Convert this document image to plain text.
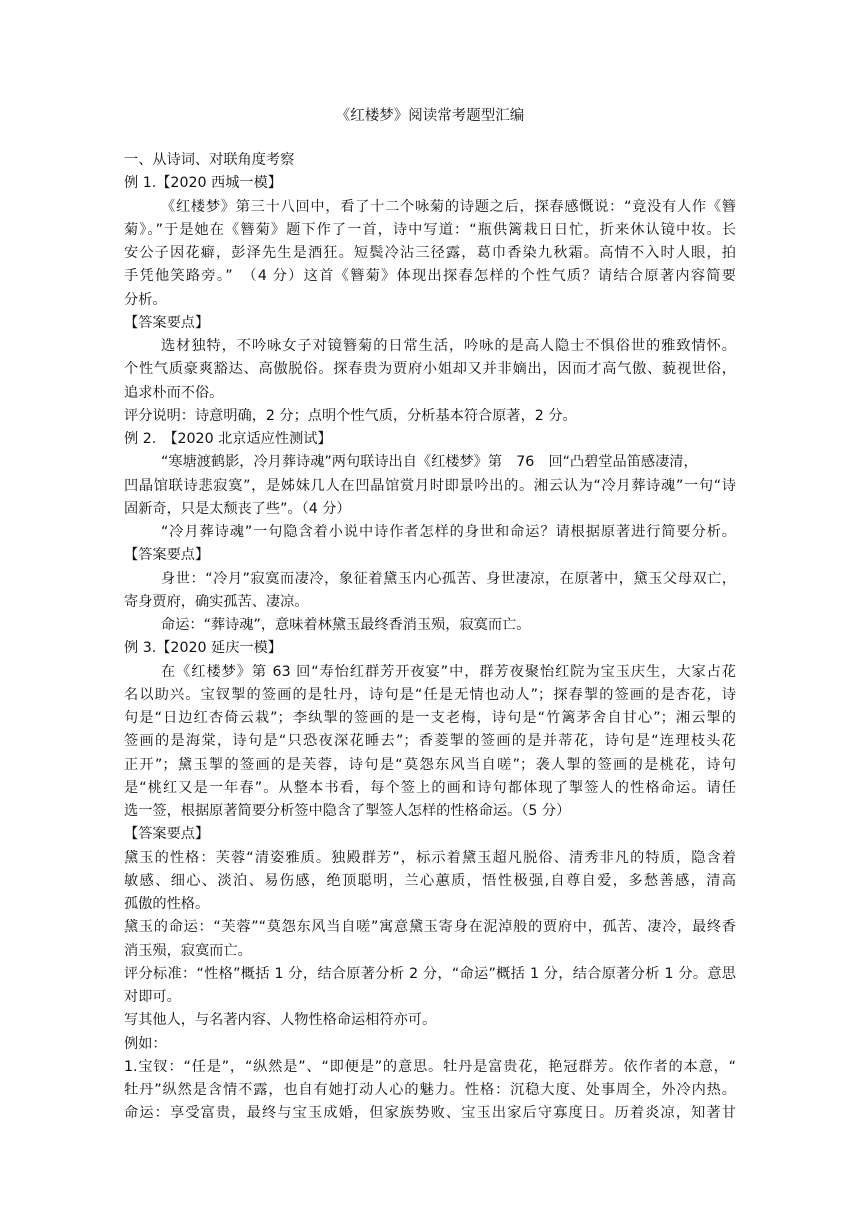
《红楼梦》阅读常考题型汇编
一、从诗词、对联角度考察
例 1.【2020 西城一模】
《红楼梦》第三十八回中，看了十二个咏菊的诗题之后，探春感慨说：“竟没有人作《簪
菊》。”于是她在《簪菊》题下作了一首，诗中写道：“瓶供篱栽日日忙，折来休认镜中妆。长
安公子因花癖，彭泽先生是酒狂。短鬓冷沾三径露，葛巾香染九秋霜。高情不入时人眼，拍
手凭他笑路旁。”　（4 分）这首《簪菊》体现出探春怎样的个性气质？请结合原著内容简要
分析。
【答案要点】
选材独特，不吟咏女子对镜簪菊的日常生活，吟咏的是高人隐士不惧俗世的雅致情怀。
个性气质豪爽豁达、高傲脱俗。探春贵为贾府小姐却又并非嫡出，因而才高气傲、藐视世俗，
追求朴而不俗。
评分说明：诗意明确，2 分；点明个性气质，分析基本符合原著，2 分。
例 2.　【2020 北京适应性测试】
“寒塘渡鹤影，冷月葬诗魂”两句联诗出自《红楼梦》第　76　回“凸碧堂品笛感凄清，
凹晶馆联诗悲寂寞”，是姊妹几人在凹晶馆赏月时即景吟出的。湘云认为“冷月葬诗魂”一句“诗
固新奇，只是太颓丧了些”。（4 分）
“冷月葬诗魂”一句隐含着小说中诗作者怎样的身世和命运？请根据原著进行简要分析。
【答案要点】
身世：“冷月”寂寞而凄冷，象征着黛玉内心孤苦、身世凄凉，在原著中，黛玉父母双亡，
寄身贾府，确实孤苦、凄凉。
命运：“葬诗魂”，意味着林黛玉最终香消玉殒，寂寞而亡。
例 3.【2020 延庆一模】
在《红楼梦》第 63 回“寿怡红群芳开夜宴”中，群芳夜聚怡红院为宝玉庆生，大家占花
名以助兴。宝钗掣的签画的是牡丹，诗句是“任是无情也动人”；探春掣的签画的是杏花，诗
句是“日边红杏倚云栽”；李纨掣的签画的是一支老梅，诗句是“竹篱茅舍自甘心”；湘云掣的
签画的是海棠，诗句是“只恐夜深花睡去”；香菱掣的签画的是并蒂花，诗句是“连理枝头花
正开”；黛玉掣的签画的是芙蓉，诗句是“莫怨东风当自嗟”；袭人掣的签画的是桃花，诗句
是“桃红又是一年春”。从整本书看，每个签上的画和诗句都体现了掣签人的性格命运。请任
选一签，根据原著简要分析签中隐含了掣签人怎样的性格命运。（5 分）
【答案要点】
黛玉的性格：芙蓉“清姿雅质。独殿群芳”，标示着黛玉超凡脱俗、清秀非凡的特质，隐含着
敏感、细心、淡泊、易伤感，绝顶聪明，兰心蕙质，悟性极强,自尊自爱，多愁善感，清高
孤傲的性格。
黛玉的命运：“芙蓉”“莫怨东风当自嗟”寓意黛玉寄身在泥淖般的贾府中，孤苦、凄冷，最终香
消玉殒，寂寞而亡。
评分标准：“性格”概括 1 分，结合原著分析 2 分，“命运”概括 1 分，结合原著分析 1 分。意思
对即可。
写其他人，与名著内容、人物性格命运相符亦可。
例如：
1.宝钗：“任是”，“纵然是”、“即便是”的意思。牡丹是富贵花，艳冠群芳。依作者的本意，“
牡丹”纵然是含情不露，也自有她打动人心的魅力。性格：沉稳大度、处事周全，外冷内热。
命运：享受富贵，最终与宝玉成婚，但家族势败、宝玉出家后守寡度日。历着炎凉，知著甘
